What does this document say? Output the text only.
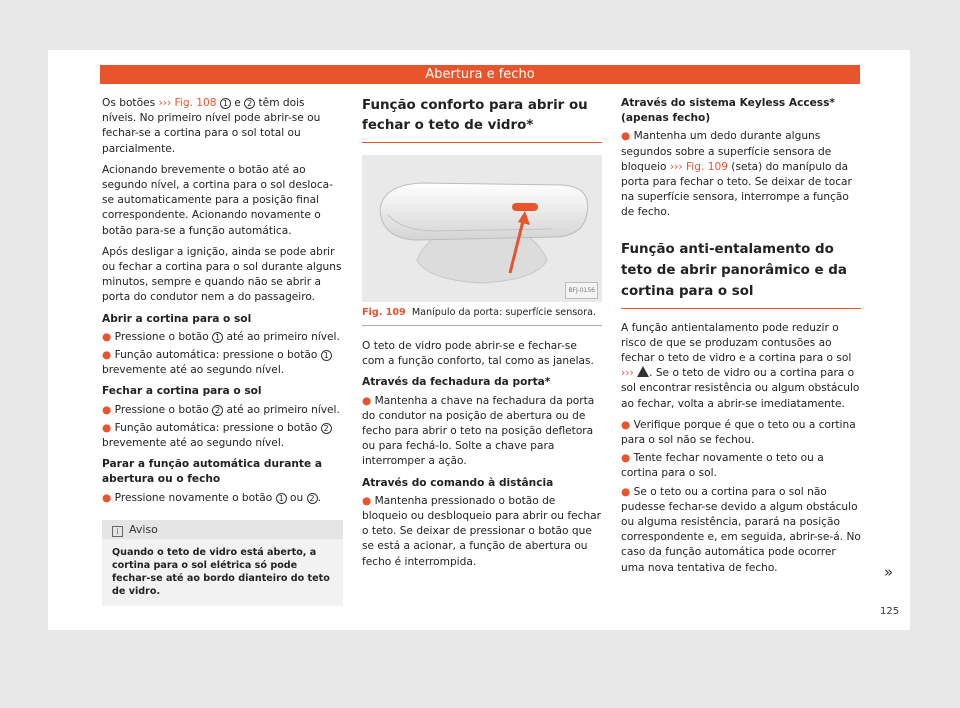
Abertura e fecho

Os botões ››› Fig. 108 1 e 2 têm dois níveis. No primeiro nível pode abrir-se ou fechar-se a cortina para o sol total ou parcialmente.

Acionando brevemente o botão até ao segundo nível, a cortina para o sol desloca-se automaticamente para a posição final correspondente. Acionando novamente o botão para-se a função automática.

Após desligar a ignição, ainda se pode abrir ou fechar a cortina para o sol durante alguns minutos, sempre e quando não se abrir a porta do condutor nem a do passageiro.

Abrir a cortina para o sol
● Pressione o botão 1 até ao primeiro nível.
● Função automática: pressione o botão 1 brevemente até ao segundo nível.
Fechar a cortina para o sol
● Pressione o botão 2 até ao primeiro nível.
● Função automática: pressione o botão 2 brevemente até ao segundo nível.
Parar a função automática durante a abertura ou o fecho
● Pressione novamente o botão 1 ou 2 .
i Aviso
Quando o teto de vidro está aberto, a cortina para o sol elétrica só pode fechar-se até ao bordo dianteiro do teto de vidro.
Função conforto para abrir ou fechar o teto de vidro*
BFJ-0156
Fig. 109 Manípulo da porta: superfície sensora.

O teto de vidro pode abrir-se e fechar-se com a função conforto, tal como as janelas.

Através da fechadura da porta*
● Mantenha a chave na fechadura da porta do condutor na posição de abertura ou de fecho para abrir o teto na posição defletora ou para fechá-lo. Solte a chave para interromper a ação.
Através do comando à distância
● Mantenha pressionado o botão de bloqueio ou desbloqueio para abrir ou fechar o teto. Se deixar de pressionar o botão que se está a acionar, a função de abertura ou fecho é interrompida.
Através do sistema Keyless Access* (apenas fecho)
● Mantenha um dedo durante alguns segundos sobre a superfície sensora de bloqueio ››› Fig. 109 (seta) do manípulo da porta para fechar o teto. Se deixar de tocar na superfície sensora, interrompe a função de fecho.
Função anti-entalamento do teto de abrir panorâmico e da cortina para o sol

A função antientalamento pode reduzir o risco de que se produzam contusões ao fechar o teto de vidro e a cortina para o sol ››› . Se o teto de vidro ou a cortina para o sol encontrar resistência ou algum obstáculo ao fechar, volta a abrir-se imediatamente.

● Verifique porque é que o teto ou a cortina para o sol não se fechou.
● Tente fechar novamente o teto ou a cortina para o sol.
● Se o teto ou a cortina para o sol não pudesse fechar-se devido a algum obstáculo ou alguma resistência, parará na posição correspondente e, em seguida, abrir-se-á. No caso da função automática pode ocorrer uma nova tentativa de fecho.	»
125
